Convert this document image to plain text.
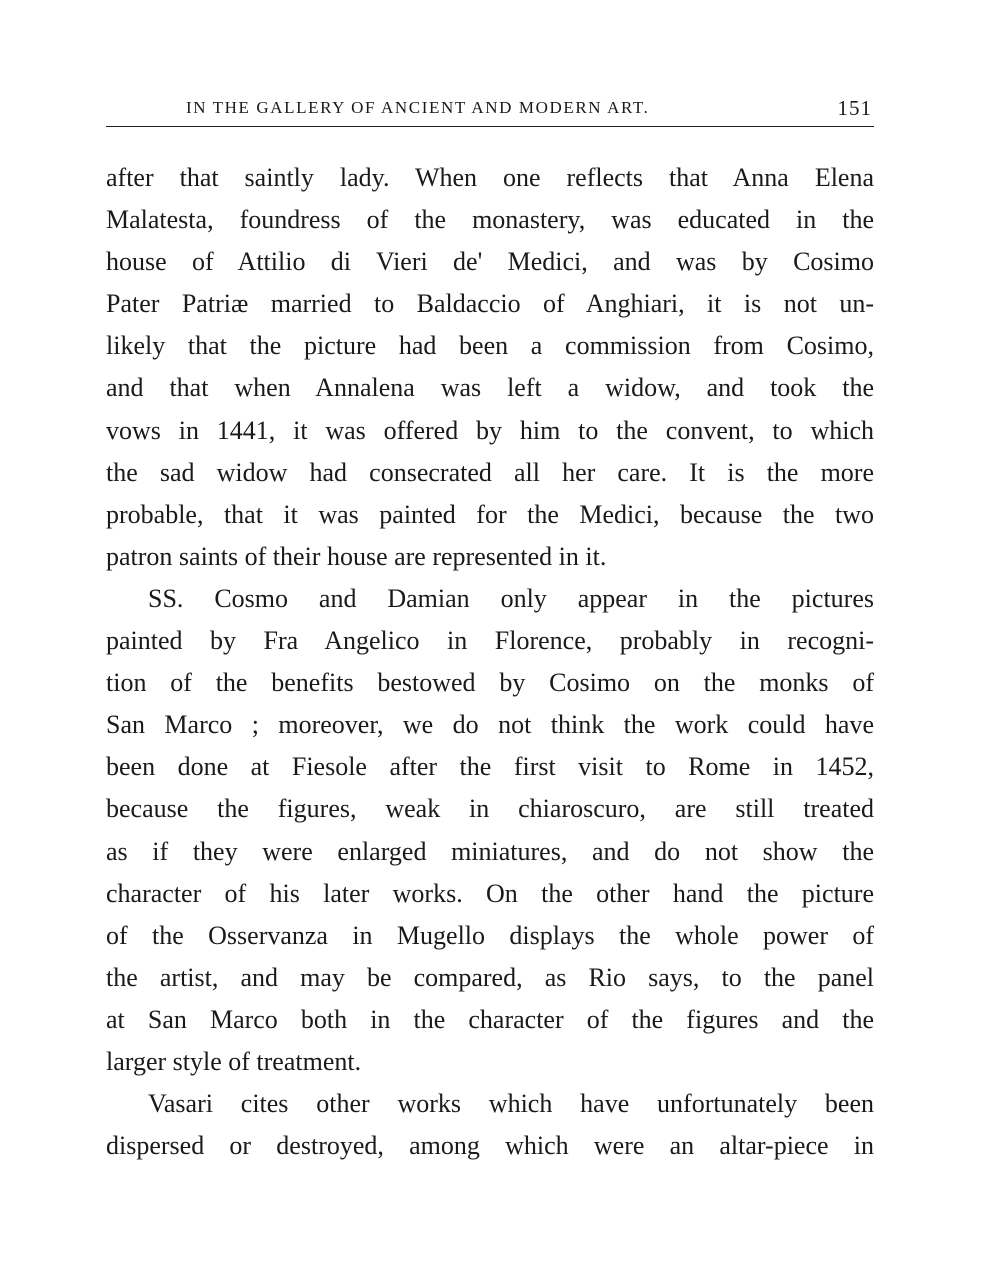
IN THE GALLERY OF ANCIENT AND MODERN ART.	151
after that saintly lady. When one reflects that Anna Elena
Malatesta, foundress of the monastery, was educated in the
house of Attilio di Vieri de' Medici, and was by Cosimo
Pater Patriæ married to Baldaccio of Anghiari, it is not un-
likely that the picture had been a commission from Cosimo,
and that when Annalena was left a widow, and took the
vows in 1441, it was offered by him to the convent, to which
the sad widow had consecrated all her care. It is the more
probable, that it was painted for the Medici, because the two
patron saints of their house are represented in it.
SS. Cosmo and Damian only appear in the pictures
painted by Fra Angelico in Florence, probably in recogni-
tion of the benefits bestowed by Cosimo on the monks of
San Marco ; moreover, we do not think the work could have
been done at Fiesole after the first visit to Rome in 1452,
because the figures, weak in chiaroscuro, are still treated
as if they were enlarged miniatures, and do not show the
character of his later works. On the other hand the picture
of the Osservanza in Mugello displays the whole power of
the artist, and may be compared, as Rio says, to the panel
at San Marco both in the character of the figures and the
larger style of treatment.
Vasari cites other works which have unfortunately been
dispersed or destroyed, among which were an altar-piece in
